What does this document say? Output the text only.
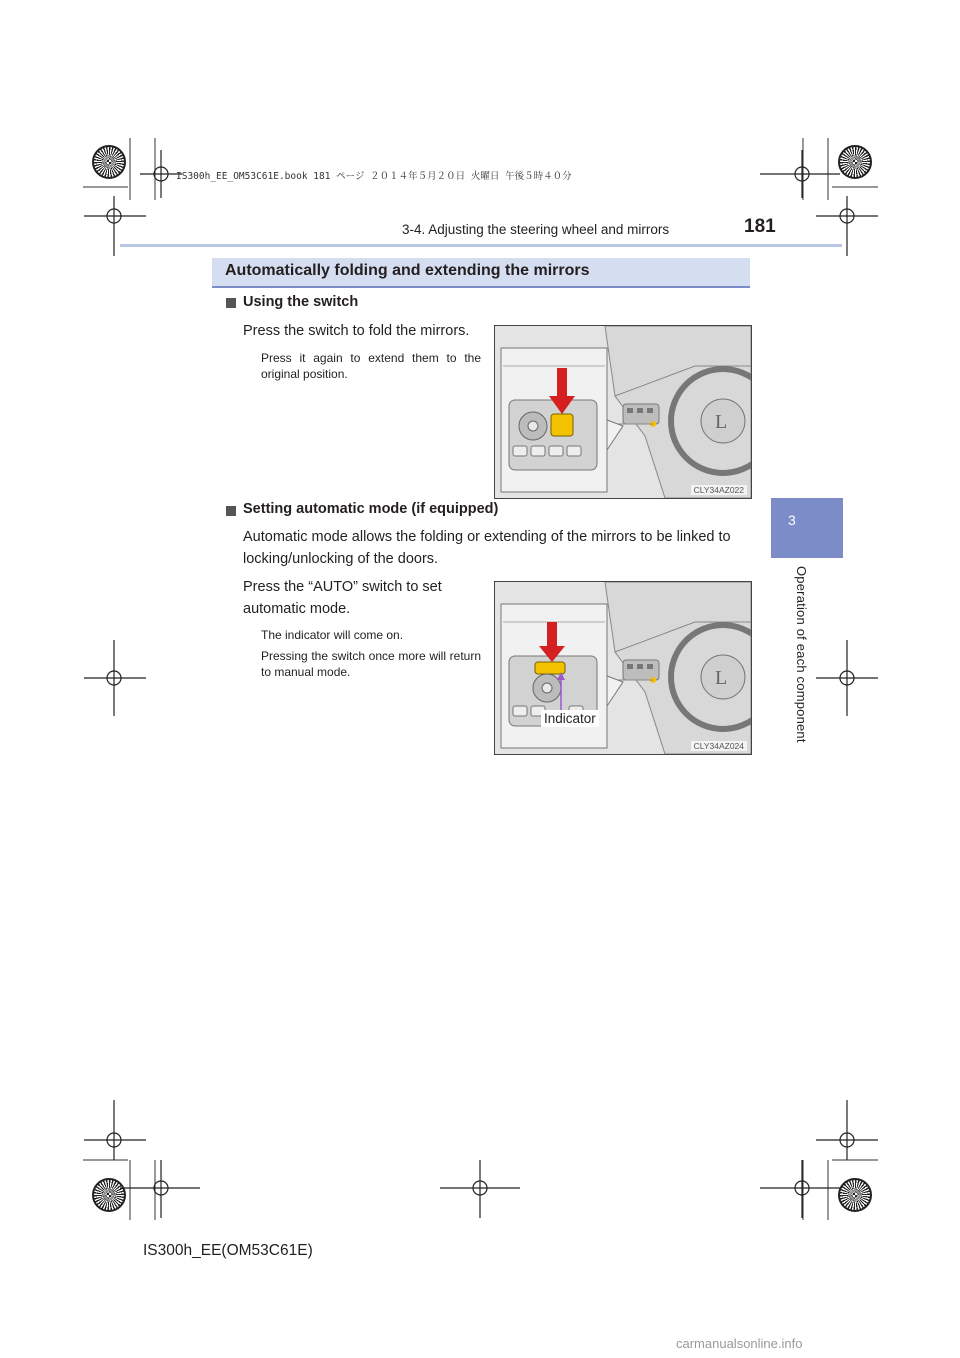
IS300h_EE_OM53C61E.book 181 ページ ２０１４年５月２０日 火曜日 午後５時４０分
3-4. Adjusting the steering wheel and mirrors	181
3
Operation of each component
Automatically folding and extending the mirrors
Using the switch
Press the switch to fold the mirrors.
Press it again to extend them to the original position.
L
CLY34AZ022
Setting automatic mode (if equipped)
Automatic mode allows the folding or extending of the mirrors to be linked to locking/unlocking of the doors.
Press the “AUTO” switch to set automatic mode.
The indicator will come on.
Pressing the switch once more will return to manual mode.	L
Indicator
CLY34AZ024
IS300h_EE(OM53C61E)
carmanualsonline.info
